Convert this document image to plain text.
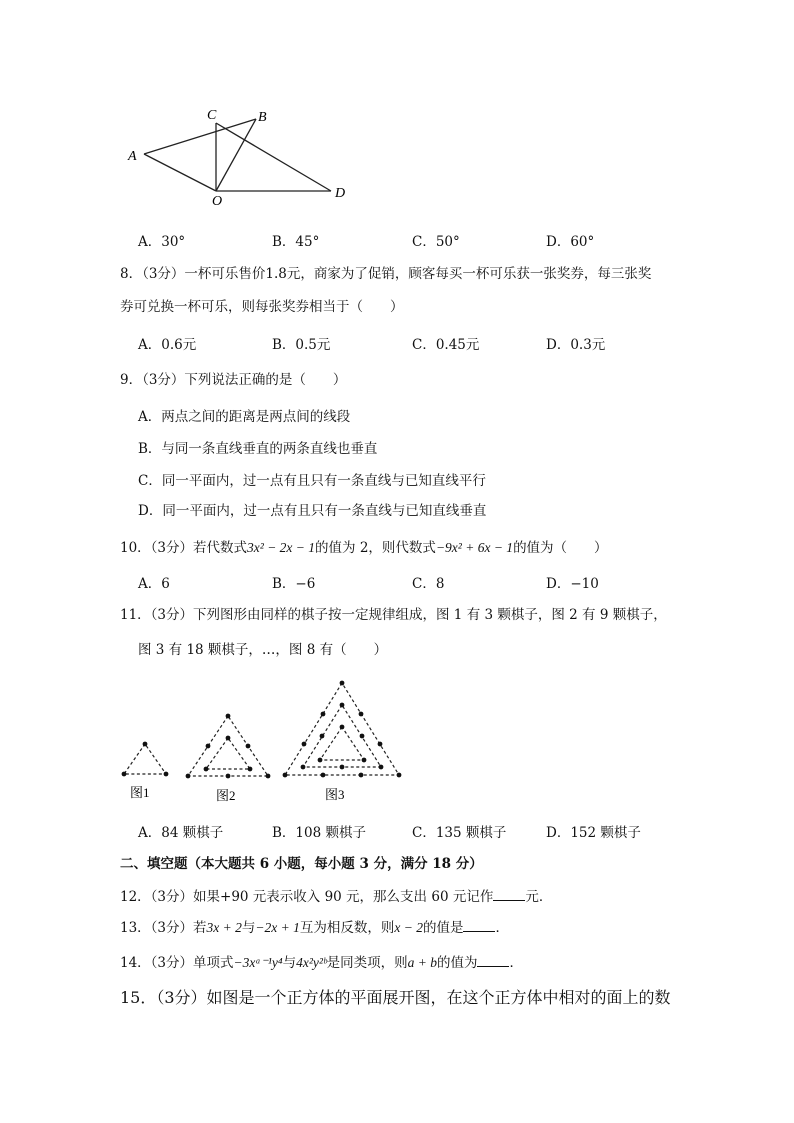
A
C	B
O
D
A．30°	B．45°	C．50°	D．60°
8．（3分）一杯可乐售价1.8元，商家为了促销，顾客每买一杯可乐获一张奖券，每三张奖
券可兑换一杯可乐，则每张奖券相当于（　　）
A．0.6元	B．0.5元	C．0.45元	D．0.3元
9．（3分）下列说法正确的是（　　）
A．两点之间的距离是两点间的线段
B．与同一条直线垂直的两条直线也垂直
C．同一平面内，过一点有且只有一条直线与已知直线平行
D．同一平面内，过一点有且只有一条直线与已知直线垂直
10．（3分）若代数式3x² − 2x − 1的值为 2，则代数式−9x² + 6x − 1的值为（　　）
A．6	B．−6	C．8	D．−10
11．（3分）下列图形由同样的棋子按一定规律组成，图 1 有 3 颗棋子，图 2 有 9 颗棋子，
图 3 有 18 颗棋子，…，图 8 有（　　）
图1	图2	图3
A．84 颗棋子	B．108 颗棋子	C．135 颗棋子	D．152 颗棋子
二、填空题（本大题共 6 小题，每小题 3 分，满分 18 分）
12．（3分）如果+90 元表示收入 90 元，那么支出 60 元记作 元．
13．（3分）若3x + 2与−2x + 1互为相反数，则x − 2的值是 ．
14．（3分）单项式−3xᵃ⁻¹y⁴与4x²y²ᵇ是同类项，则a + b的值为 ．
15．（3分）如图是一个正方体的平面展开图，在这个正方体中相对的面上的数
